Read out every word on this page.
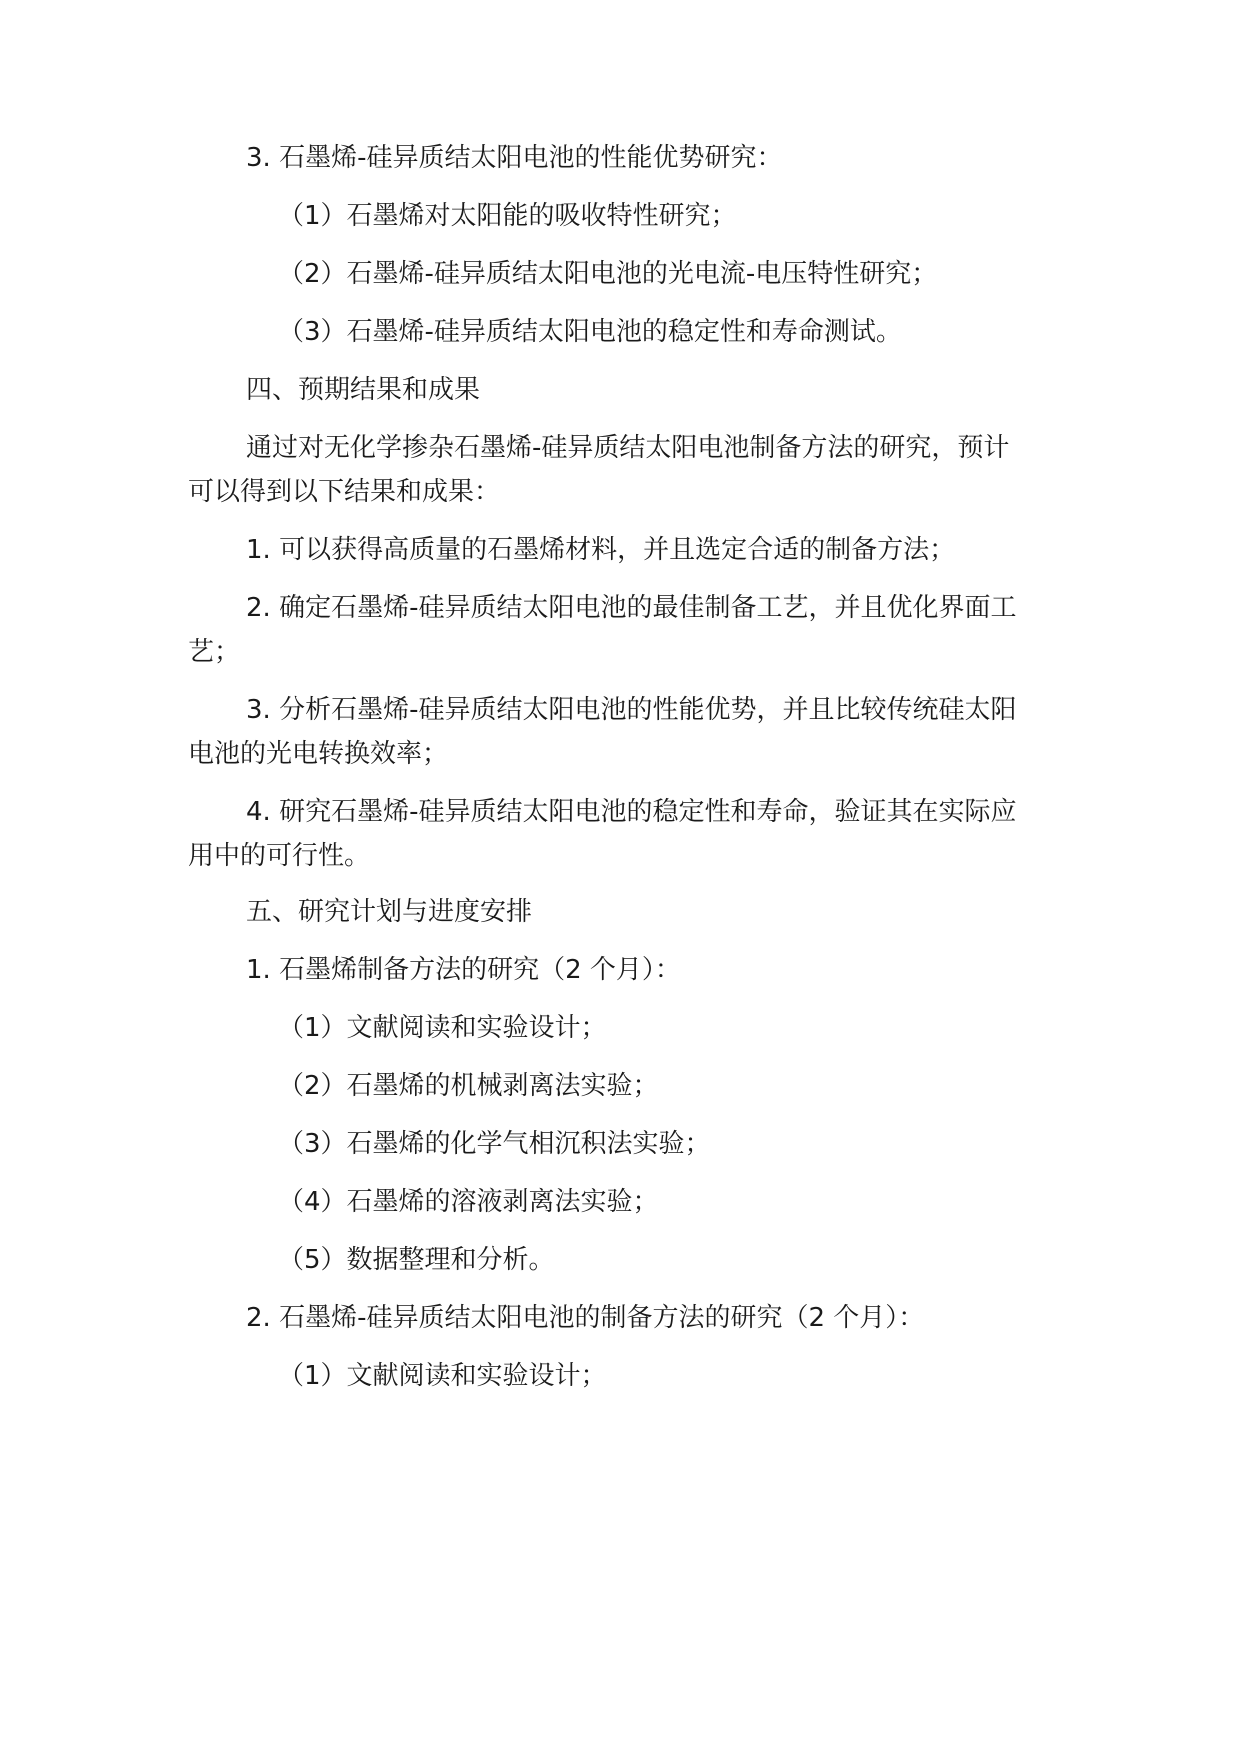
3. 石墨烯-硅异质结太阳电池的性能优势研究：
（1）石墨烯对太阳能的吸收特性研究；
（2）石墨烯-硅异质结太阳电池的光电流-电压特性研究；
（3）石墨烯-硅异质结太阳电池的稳定性和寿命测试。
四、预期结果和成果
通过对无化学掺杂石墨烯-硅异质结太阳电池制备方法的研究，预计
可以得到以下结果和成果：
1. 可以获得高质量的石墨烯材料，并且选定合适的制备方法；
2. 确定石墨烯-硅异质结太阳电池的最佳制备工艺，并且优化界面工
艺；
3. 分析石墨烯-硅异质结太阳电池的性能优势，并且比较传统硅太阳
电池的光电转换效率；
4. 研究石墨烯-硅异质结太阳电池的稳定性和寿命，验证其在实际应
用中的可行性。
五、研究计划与进度安排
1. 石墨烯制备方法的研究（2 个月）：
（1）文献阅读和实验设计；
（2）石墨烯的机械剥离法实验；
（3）石墨烯的化学气相沉积法实验；
（4）石墨烯的溶液剥离法实验；
（5）数据整理和分析。
2. 石墨烯-硅异质结太阳电池的制备方法的研究（2 个月）：
（1）文献阅读和实验设计；
